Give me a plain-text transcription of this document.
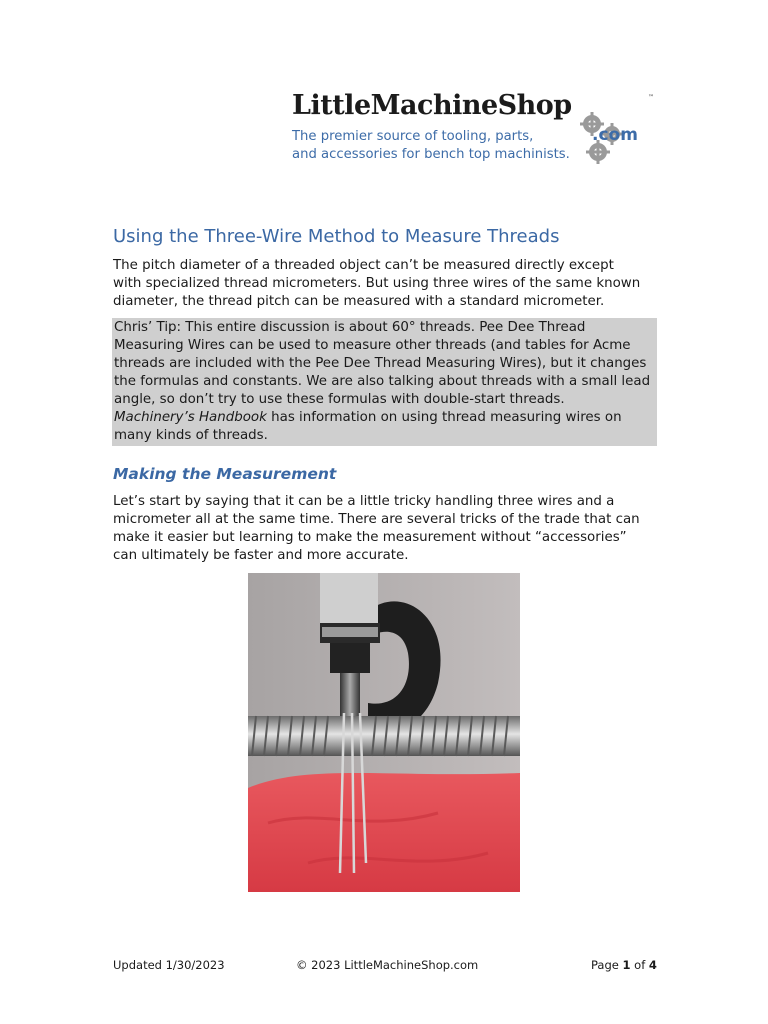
LittleMachineShop	™
.com
The premier source of tooling, parts,
and accessories for bench top machinists.
Using the Three-Wire Method to Measure Threads
The pitch diameter of a threaded object can’t be measured directly except
with specialized thread micrometers. But using three wires of the same known
diameter, the thread pitch can be measured with a standard micrometer.

Chris’ Tip: This entire discussion is about 60° threads. Pee Dee Thread
Measuring Wires can be used to measure other threads (and tables for Acme
threads are included with the Pee Dee Thread Measuring Wires), but it changes
the formulas and constants. We are also talking about threads with a small lead
angle, so don’t try to use these formulas with double-start threads.
Machinery’s Handbook has information on using thread measuring wires on
many kinds of threads.

Making the Measurement
Let’s start by saying that it can be a little tricky handling three wires and a
micrometer all at the same time. There are several tricks of the trade that can
make it easier but learning to make the measurement without “accessories”
can ultimately be faster and more accurate.
Updated 1/30/2023	© 2023 LittleMachineShop.com	Page 1 of 4
